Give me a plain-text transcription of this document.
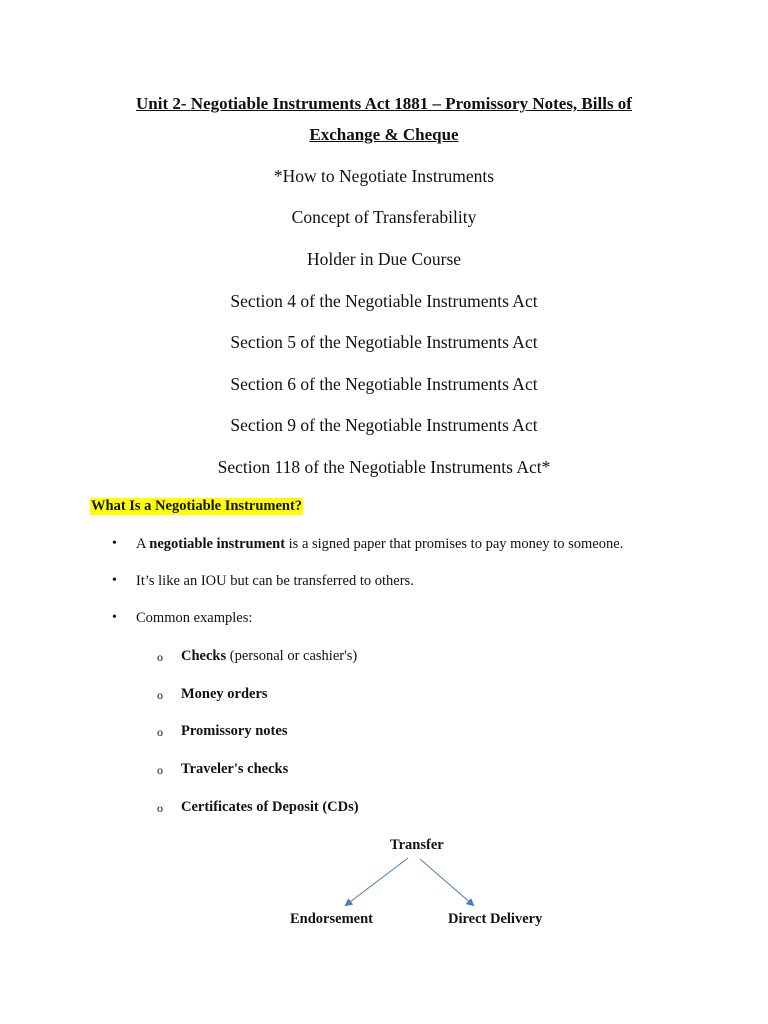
Unit 2- Negotiable Instruments Act 1881 – Promissory Notes, Bills of
Exchange & Cheque
*How to Negotiate Instruments
Concept of Transferability
Holder in Due Course
Section 4 of the Negotiable Instruments Act
Section 5 of the Negotiable Instruments Act
Section 6 of the Negotiable Instruments Act
Section 9 of the Negotiable Instruments Act
Section 118 of the Negotiable Instruments Act*
What Is a Negotiable Instrument?
• A negotiable instrument is a signed paper that promises to pay money to someone.
• It’s like an IOU but can be transferred to others.
• Common examples:
o Checks (personal or cashier's)
o Money orders
o Promissory notes
o Traveler's checks
o Certificates of Deposit (CDs)
Transfer
Endorsement	Direct Delivery
